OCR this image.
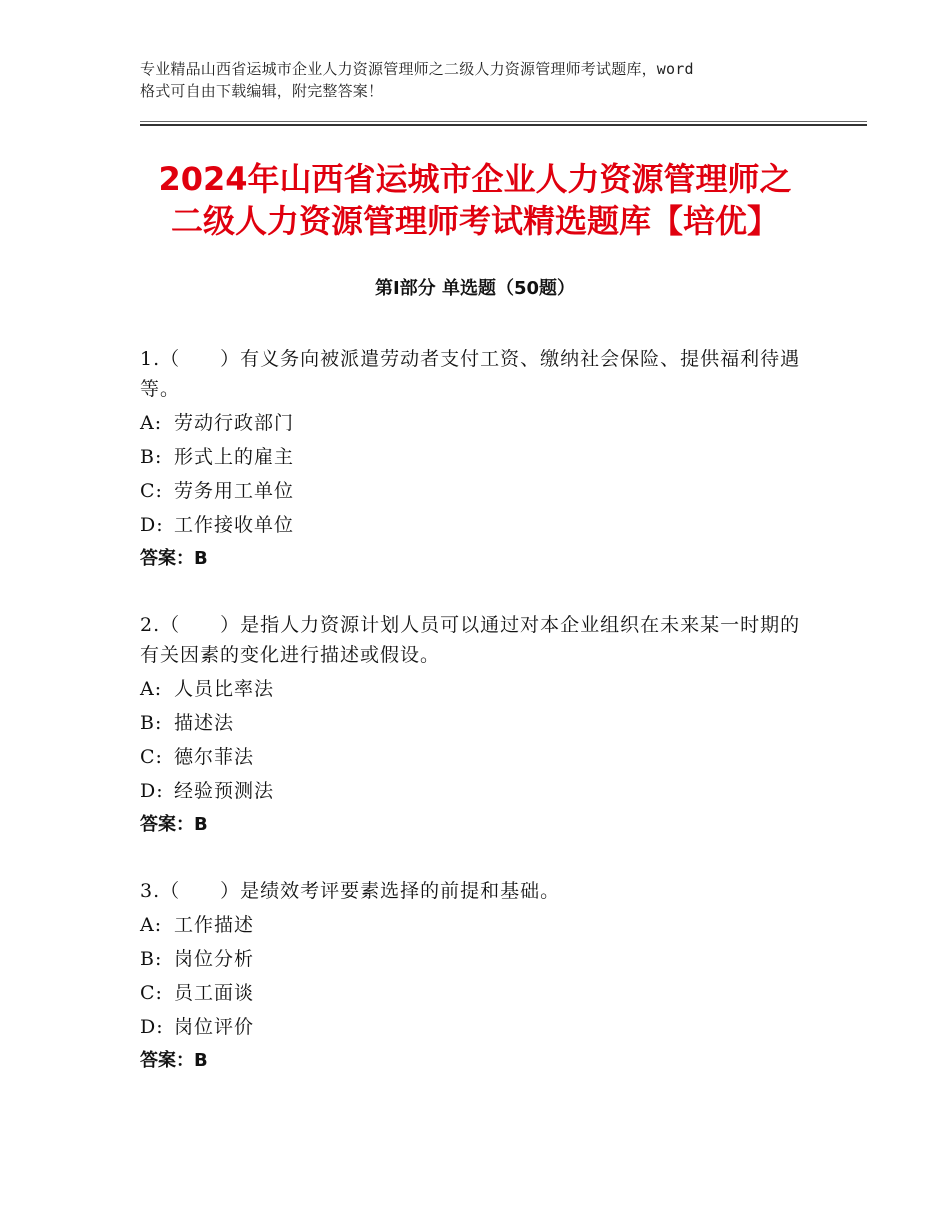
专业精品山西省运城市企业人力资源管理师之二级人力资源管理师考试题库，word
格式可自由下载编辑，附完整答案！
2024年山西省运城市企业人力资源管理师之
二级人力资源管理师考试精选题库【培优】
第Ⅰ部分 单选题（50题）
1.（　　）有义务向被派遣劳动者支付工资、缴纳社会保险、提供福利待遇等。
A: 劳动行政部门
B: 形式上的雇主
C: 劳务用工单位
D: 工作接收单位
答案：B
2.（　　）是指人力资源计划人员可以通过对本企业组织在未来某一时期的有关因素的变化进行描述或假设。
A: 人员比率法
B: 描述法
C: 德尔菲法
D: 经验预测法
答案：B
3.（　　）是绩效考评要素选择的前提和基础。
A: 工作描述
B: 岗位分析
C: 员工面谈
D: 岗位评价
答案：B
